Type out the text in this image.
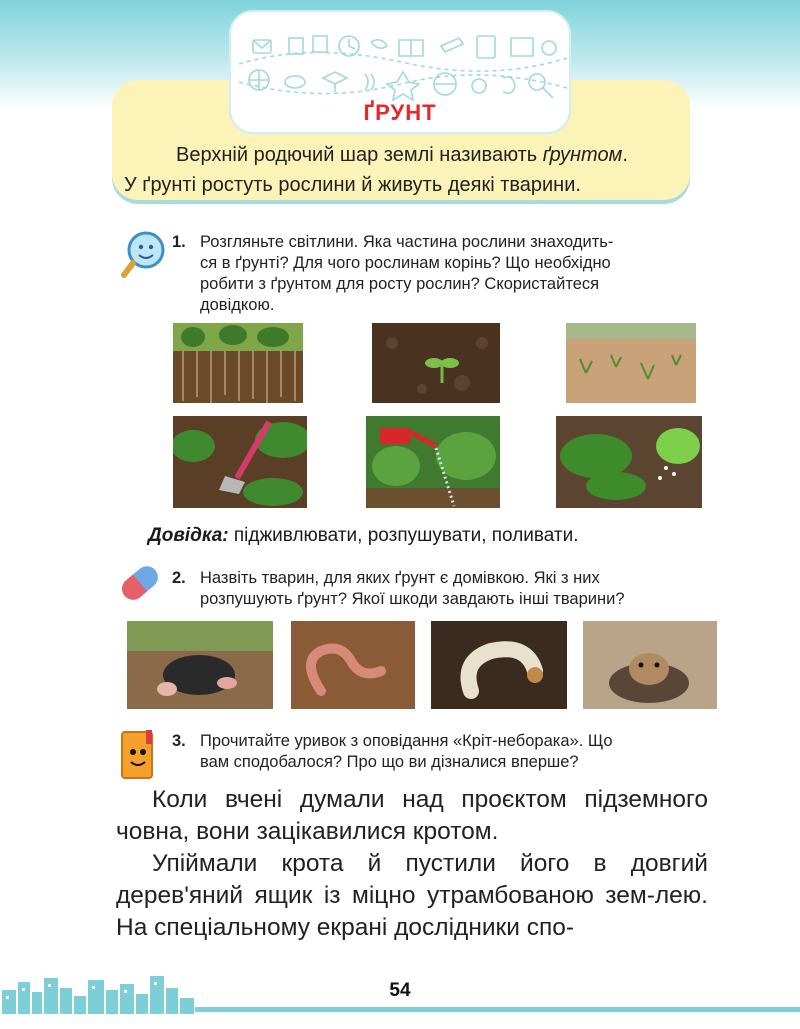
Верхній родючий шар землі називають ґрунтом.
У ґрунті ростуть рослини й живуть деякі тварини.
ҐРУНТ
1. Розгляньте світлини. Яка частина рослини знаходить-
ся в ґрунті? Для чого рослинам корінь? Що необхідно
робити з ґрунтом для росту рослин? Скористайтеся
довідкою.
Довідка: підживлювати, розпушувати, поливати.
2. Назвіть тварин, для яких ґрунт є домівкою. Які з них
розпушують ґрунт? Якої шкоди завдають інші тварини?
3. Прочитайте уривок з оповідання «Кріт-неборака». Що
вам сподобалося? Про що ви дізналися вперше?

Коли вчені думали над проєктом підземного човна, вони зацікавилися кротом.

Упіймали крота й пустили його в довгий дерев'яний ящик із міцно утрамбованою зем-лею. На спеціальному екрані дослідники спо-

54
